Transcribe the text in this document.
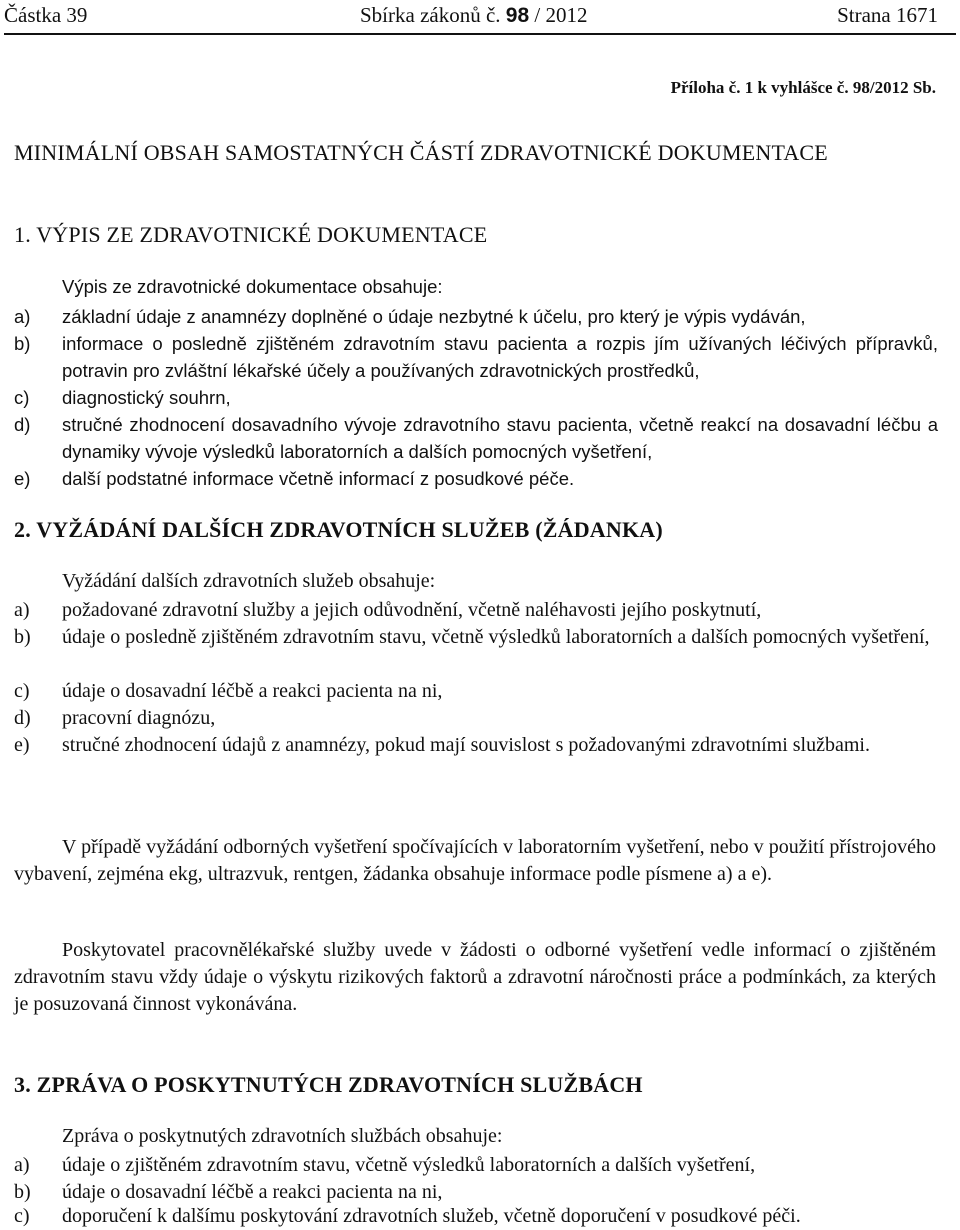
Částka 39	Sbírka zákonů č. 98 / 2012	Strana 1671
Příloha č. 1 k vyhlášce č. 98/2012 Sb.
MINIMÁLNÍ OBSAH SAMOSTATNÝCH ČÁSTÍ ZDRAVOTNICKÉ DOKUMENTACE
1. VÝPIS ZE ZDRAVOTNICKÉ DOKUMENTACE
Výpis ze zdravotnické dokumentace obsahuje:
a)	základní údaje z anamnézy doplněné o údaje nezbytné k účelu, pro který je výpis vydáván,
b)	informace o posledně zjištěném zdravotním stavu pacienta a rozpis jím užívaných léčivých přípravků, potravin pro zvláštní lékařské účely a používaných zdravotnických prostředků,
c)	diagnostický souhrn,
d)	stručné zhodnocení dosavadního vývoje zdravotního stavu pacienta, včetně reakcí na dosavadní léčbu a dynamiky vývoje výsledků laboratorních a dalších pomocných vyšetření,
e)	další podstatné informace včetně informací z posudkové péče.
2. VYŽÁDÁNÍ DALŠÍCH ZDRAVOTNÍCH SLUŽEB (ŽÁDANKA)
Vyžádání dalších zdravotních služeb obsahuje:
a)	požadované zdravotní služby a jejich odůvodnění, včetně naléhavosti jejího poskytnutí,
b)	údaje o posledně zjištěném zdravotním stavu, včetně výsledků laboratorních a dalších pomocných vyšetření,
c)	údaje o dosavadní léčbě a reakci pacienta na ni,
d)	pracovní diagnózu,
e)	stručné zhodnocení údajů z anamnézy, pokud mají souvislost s požadovanými zdravotními službami.
V případě vyžádání odborných vyšetření spočívajících v laboratorním vyšetření, nebo v použití přístrojového vybavení, zejména ekg, ultrazvuk, rentgen, žádanka obsahuje informace podle písmene a) a e).
Poskytovatel pracovnělékařské služby uvede v žádosti o odborné vyšetření vedle informací o zjištěném zdravotním stavu vždy údaje o výskytu rizikových faktorů a zdravotní náročnosti práce a podmínkách, za kterých je posuzovaná činnost vykonávána.
3. ZPRÁVA O POSKYTNUTÝCH ZDRAVOTNÍCH SLUŽBÁCH
Zpráva o poskytnutých zdravotních službách obsahuje:
a)	údaje o zjištěném zdravotním stavu, včetně výsledků laboratorních a dalších vyšetření,
b)	údaje o dosavadní léčbě a reakci pacienta na ni,
c)	doporučení k dalšímu poskytování zdravotních služeb, včetně doporučení v posudkové péči.
